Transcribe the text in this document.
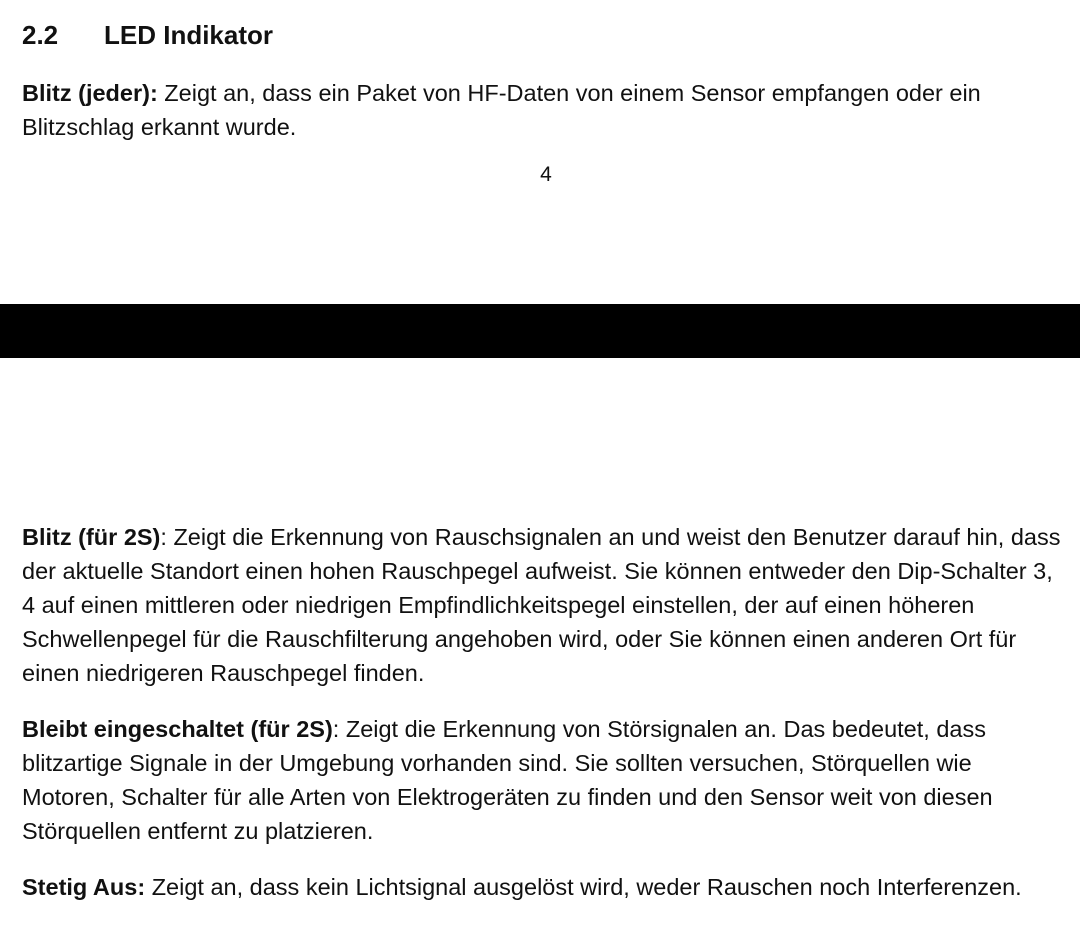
2.2 LED Indikator

Blitz (jeder): Zeigt an, dass ein Paket von HF-Daten von einem Sensor empfangen oder ein Blitzschlag erkannt wurde.

4

Blitz (für 2S): Zeigt die Erkennung von Rauschsignalen an und weist den Benutzer darauf hin, dass der aktuelle Standort einen hohen Rauschpegel aufweist. Sie können entweder den Dip-Schalter 3, 4 auf einen mittleren oder niedrigen Empfindlichkeitspegel einstellen, der auf einen höheren Schwellenpegel für die Rauschfilterung angehoben wird, oder Sie können einen anderen Ort für einen niedrigeren Rauschpegel finden.

Bleibt eingeschaltet (für 2S): Zeigt die Erkennung von Störsignalen an. Das bedeutet, dass blitzartige Signale in der Umgebung vorhanden sind. Sie sollten versuchen, Störquellen wie Motoren, Schalter für alle Arten von Elektrogeräten zu finden und den Sensor weit von diesen Störquellen entfernt zu platzieren.

Stetig Aus: Zeigt an, dass kein Lichtsignal ausgelöst wird, weder Rauschen noch Interferenzen.
